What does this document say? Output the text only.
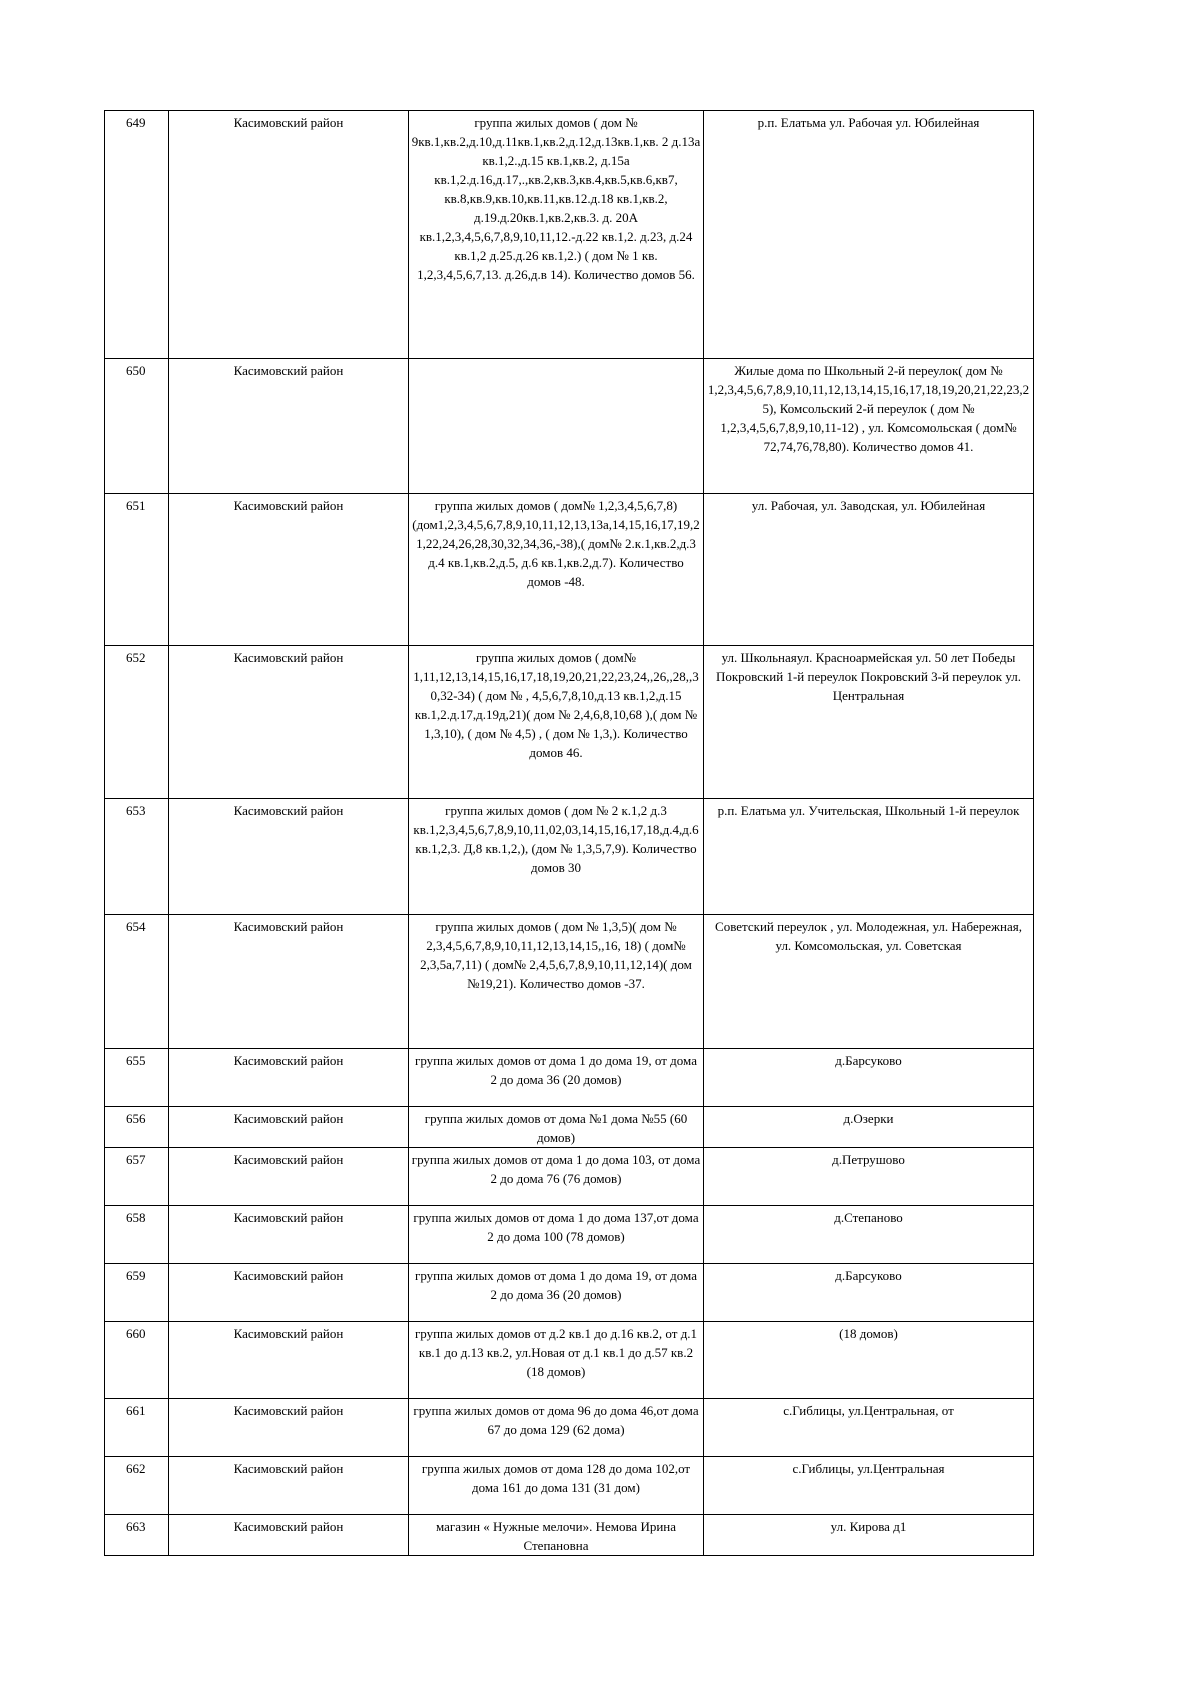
649	Касимовский район	группа жилых домов ( дом № 9кв.1,кв.2,д.10,д.11кв.1,кв.2,д.12,д.13кв.1,кв. 2 д.13а кв.1,2.,д.15 кв.1,кв.2, д.15а кв.1,2.д.16,д.17,.,кв.2,кв.3,кв.4,кв.5,кв.6,кв7, кв.8,кв.9,кв.10,кв.11,кв.12.д.18 кв.1,кв.2, д.19.д.20кв.1,кв.2,кв.3. д. 20А кв.1,2,3,4,5,6,7,8,9,10,11,12.-д.22 кв.1,2. д.23, д.24 кв.1,2 д.25.д.26 кв.1,2.) ( дом № 1 кв. 1,2,3,4,5,6,7,13. д.26,д.в 14). Количество домов 56.	р.п. Елатьма ул. Рабочая ул. Юбилейная
650	Касимовский район		Жилые дома по Школьный 2-й переулок( дом № 1,2,3,4,5,6,7,8,9,10,11,12,13,14,15,16,17,18,19,20,21,22,23,25), Комсольский 2-й переулок ( дом № 1,2,3,4,5,6,7,8,9,10,11-12) , ул. Комсомольская ( дом№ 72,74,76,78,80). Количество домов 41.
651	Касимовский район	группа жилых домов ( дом№ 1,2,3,4,5,6,7,8) (дом1,2,3,4,5,6,7,8,9,10,11,12,13,13а,14,15,16,17,19,21,22,24,26,28,30,32,34,36,-38),( дом№ 2.к.1,кв.2,д.3 д.4 кв.1,кв.2,д.5, д.6 кв.1,кв.2,д.7). Количество домов -48.	ул. Рабочая, ул. Заводская, ул. Юбилейная
652	Касимовский район	группа жилых домов ( дом№ 1,11,12,13,14,15,16,17,18,19,20,21,22,23,24,,26,,28,,30,32-34) ( дом № , 4,5,6,7,8,10,д.13 кв.1,2,д.15 кв.1,2.д.17,д.19д,21)( дом № 2,4,6,8,10,68 ),( дом № 1,3,10), ( дом № 4,5) , ( дом № 1,3,). Количество домов 46.	ул. Школьнаяул. Красноармейская ул. 50 лет Победы Покровский 1-й переулок Покровский 3-й переулок ул. Центральная
653	Касимовский район	группа жилых домов ( дом № 2 к.1,2 д.3 кв.1,2,3,4,5,6,7,8,9,10,11,02,03,14,15,16,17,18,д.4,д.6кв.1,2,3. Д,8 кв.1,2,), (дом № 1,3,5,7,9). Количество домов 30	р.п. Елатьма ул. Учительская, Школьный 1-й переулок
654	Касимовский район	группа жилых домов ( дом № 1,3,5)( дом № 2,3,4,5,6,7,8,9,10,11,12,13,14,15,,16, 18) ( дом№ 2,3,5а,7,11) ( дом№ 2,4,5,6,7,8,9,10,11,12,14)( дом №19,21). Количество домов -37.	Советский переулок , ул. Молодежная, ул. Набережная, ул. Комсомольская, ул. Советская
655	Касимовский район	группа жилых домов от дома 1 до дома 19, от дома 2 до дома 36 (20 домов)	д.Барсуково
656	Касимовский район	группа жилых домов от дома №1 дома №55 (60 домов)	д.Озерки
657	Касимовский район	группа жилых домов от дома 1 до дома 103, от дома 2 до дома 76 (76 домов)	д.Петрушово
658	Касимовский район	группа жилых домов от дома 1 до дома 137,от дома 2 до дома 100 (78 домов)	д.Степаново
659	Касимовский район	группа жилых домов от дома 1 до дома 19, от дома 2 до дома 36 (20 домов)	д.Барсуково
660	Касимовский район	группа жилых домов от д.2 кв.1 до д.16 кв.2, от д.1 кв.1 до д.13 кв.2, ул.Новая от д.1 кв.1 до д.57 кв.2 (18 домов)	(18 домов)
661	Касимовский район	группа жилых домов от дома 96 до дома 46,от дома 67 до дома 129 (62 дома)	с.Гиблицы, ул.Центральная, от
662	Касимовский район	группа жилых домов от дома 128 до дома 102,от дома 161 до дома 131 (31 дом)	с.Гиблицы, ул.Центральная
663	Касимовский район	магазин « Нужные мелочи». Немова Ирина Степановна	ул. Кирова д1
